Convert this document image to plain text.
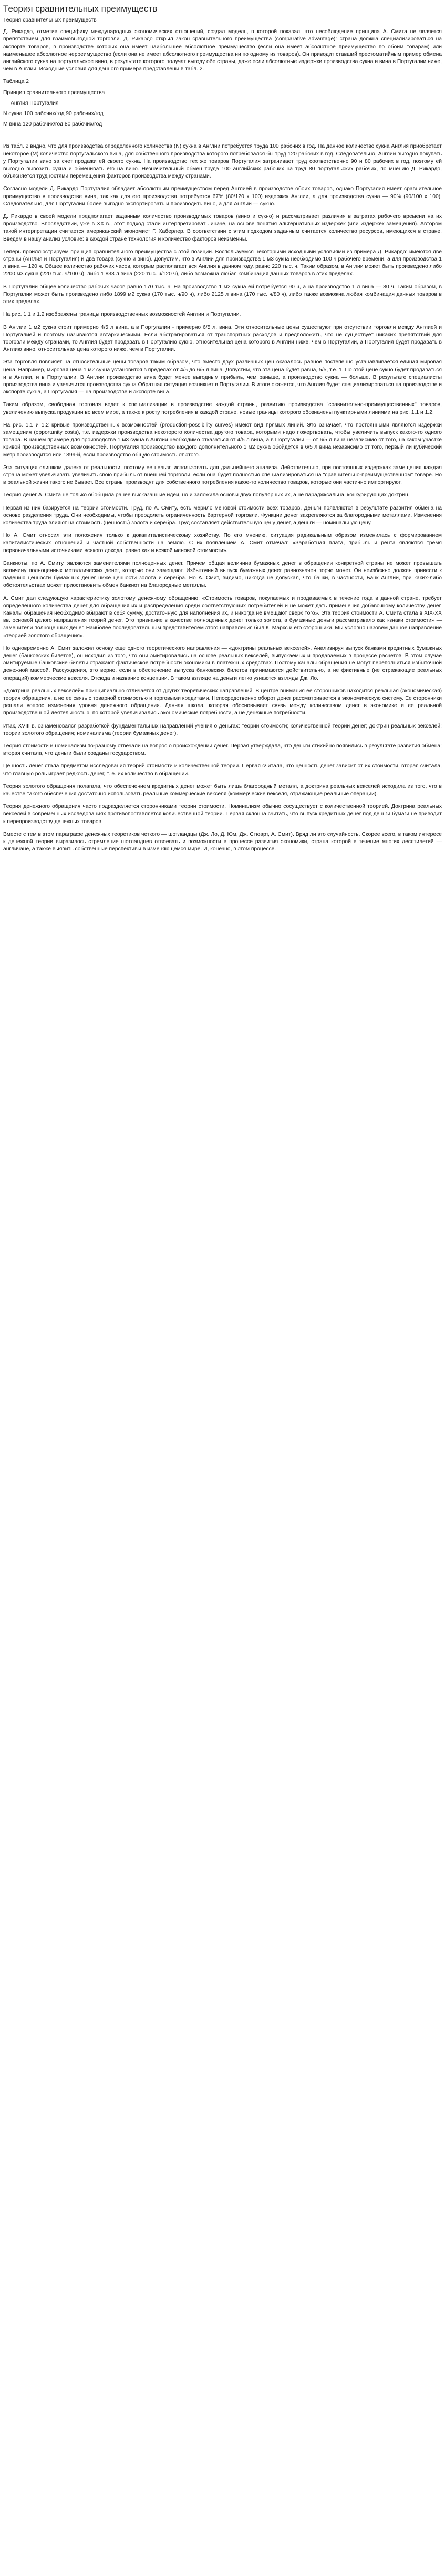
Теория сравнительных преимуществ
Теория сравнительных преимуществ

Д. Рикардо, отметив специфику международных экономических отношений, создал модель, в которой показал, что несоблюдение принципа А. Смита не является препятствием для взаимовыгодной торговли. Д. Рикардо открыл закон сравнительного преимущества (comparative advantage): страна должна специализироваться на экспорте товаров, в производстве которых она имеет наибольшее абсолютное преимущество (если она имеет абсолютное преимущество по обоим товарам) или наименьшее абсолютное неpреимущество (если она не имеет абсолютного преимущества ни по одному из товаров). Он приводит ставший хрестоматийным пример обмена английского сукна на португальское вино, в результате которого получат выгоду обе страны, даже если абсолютные издержки производства сукна и вина в Португалии ниже, чем в Англии. Исходные условия для данного примера представлены в табл. 2.

Таблица 2

Принцип сравнительного преимущества

Англия Португалия

N сукна 100 рабочих/год 90 рабочих/год

М вина 120 рабочих/год 80 рабочих/год

Из табл. 2 видно, что для производства определенного количества (N) сукна в Англии потребуется труда 100 рабочих в год. На данное количество сукна Англия приобретает некоторое (М) количество португальского вина, для собственного производства которого потребовался бы труд 120 рабочих в год. Следовательно, Англии выгодно покупать у Португалии вино за счет продажи ей своего сукна. На производство тех же товаров Португалия затрачивает труд соответственно 90 и 80 рабочих в год, поэтому ей выгодно вывозить сукна и обменивать его на вино. Незначительный обмен труда 100 английских рабочих на труд 80 португальских рабочих, по мнению Д. Рикардо, объясняется трудностями перемещения факторов производства между странами.

Согласно модели Д. Рикардо Португалия обладает абсолютным преимуществом перед Англией в производстве обоих товаров, однако Португалия имеет сравнительное преимущество в производстве вина, так как для его производства потребуется 67% (80/120 х 100) издержек Англии, а для производства сукна — 90% (90/100 х 100). Следовательно, для Португалии более выгодно экспортировать и производить вино, а для Англии — сукно.

Д. Рикардо в своей модели предполагает заданным количество производимых товаров (вино и сукно) и рассматривает различия в затратах рабочего времени на их производство. Впоследствии, уже в XX в., этот подход стали интерпретировать иначе, на основе понятия альтернативных издержек (или издержек замещения). Автором такой интерпретации считается американский экономист Г. Хаберлер. В соответствии с этим подходом заданным считается количество ресурсов, имеющихся в стране. Введем в нашу анализ условие: в каждой стране технология и количество факторов неизменны.

Теперь проиллюстрируем принцип сравнительного преимущества с этой позиции. Воспользуемся некоторыми исходными условиями из примера Д. Рикардо: имеются две страны (Англия и Португалия) и два товара (сукно и вино). Допустим, что в Англии для производства 1 м3 сукна необходимо 100 ч рабочего времени, а для производства 1 л вина — 120 ч. Общее количество рабочих часов, которым располагает вся Англия в данном году, равно 220 тыс. ч. Таким образом, в Англии может быть произведено либо 2200 м3 сукна (220 тыс. ч/100 ч), либо 1 833 л вина (220 тыс. ч/120 ч), либо возможна любая комбинация данных товаров в этих пределах.

В Португалии общее количество рабочих часов равно 170 тыс. ч. На производство 1 м2 сукна ей потребуется 90 ч, а на производство 1 л вина — 80 ч. Таким образом, в Португалии может быть произведено либо 1899 м2 сукна (170 тыс. ч/90 ч), либо 2125 л вина (170 тыс. ч/80 ч), либо также возможна любая комбинация данных товаров в этих пределах.

На рис. 1.1 и 1.2 изображены границы производственных возможностей Англии и Португалии.

В Англии 1 м2 сукна стоит примерно 4/5 л вина, а в Португалии - примерно 6/5 л. вина. Эти относительные цены существуют при отсутствии торговли между Англией и Португалией и поэтому называются автаркическими. Если абстрагироваться от транспортных расходов и предположить, что не существует никаких препятствий для торговли между странами, то Англия будет продавать в Португалию сукно, относительная цена которого в Англии ниже, чем в Португалии, а Португалия будет продавать в Англию вино, относительная цена которого ниже, чем в Португалии.

Эта торговля повлияет на относительные цены товаров таким образом, что вместо двух различных цен оказалось равное постепенно устанавливается единая мировая цена. Например, мировая цена 1 м2 сукна установится в пределах от 4/5 до 6/5 л вина. Допустим, что эта цена будет равна, 5/5, т.е. 1. По этой цене сукно будет продаваться и в Англии, и в Португалии. В Англии производство вина будет менее выгодным прибыль, чем раньше, а производство сукна — больше. В результате специалисты производства вина и увеличится производства сукна Обратная ситуация возникнет в Португалии. В итоге окажется, что Англия будет специализироваться на производстве и экспорте сукна, а Португалия — на производстве и экспорте вина.

Таким образом, свободная торговля ведет к специализации в производстве каждой страны, развитию производства "сравнительно-преимущественных" товаров, увеличению выпуска продукции во всем мире, а также к росту потребления в каждой стране, новые границы которого обозначены пунктирными линиями на рис. 1.1 и 1.2.

На рис. 1.1 и 1.2 кривые производственных возможностей (production-possibility curves) имеют вид прямых линий. Это означает, что постоянными являются издержки замещения (opportunity costs), т.е. издержки производства некоторого количества другого товара, которыми надо пожертвовать, чтобы увеличить выпуск какого-то одного товара. В нашем примере для производства 1 м3 сукна в Англии необходимо отказаться от 4/5 л вина, а в Португалии — от 6/5 л вина независимо от того, на каком участке кривой производственных возможностей. Португалия производство каждого дополнительного 1 м2 сукна обойдется в 6/5 л вина независимо от того, первый ли кубический метр производится или 1899-й, если производство общую стоимость от этого.

Эта ситуация слишком далека от реальности, поэтому ее нельзя использовать для дальнейшего анализа. Действительно, при постоянных издержках замещения каждая страна может увеличивать увеличить свою прибыль от внешней торговли, если она будет полностью специализироваться на "сравнительно-преимущественном" товаре. Но в реальной жизни такого не бывает. Все страны производят для собственного потребления какое-то количество товаров, которые они частично импортируют.

Теория денег А. Смита не только обобщила ранее высказанные идеи, но и заложила основы двух популярных их, а не параджксальна, конкурирующих доктрин.

Первая из них базируется на теории стоимости. Труд, по А. Смиту, есть мерило меновой стоимости всех товаров. Деньги появляются в результате развития обмена на основе разделения труда. Они необходимы, чтобы преодолеть ограниченность бартерной торговли. Функции денег закрепляются за благородными металлами. Изменения количества труда влияют на стоимость (ценность) золота и серебра. Труд составляет действительную цену денег, а деньги — номинальную цену.

Но А. Смит относил эти положения только к докапиталистическому хозяйству. По его мнению, ситуация радикальным образом изменилась с формированием капиталистических отношений и частной собственности на землю. С их появлением А. Смит отмечал: «Заработная плата, прибыль и рента являются тремя первоначальными источниками всякого дохода, равно как и всякой меновой стоимости».

Банкноты, по А. Смиту, являются заменителями полноценных денег. Причем общая величина бумажных денег в обращении конкретной страны не может превышать величину полноценных металлических денег, которые они замещают. Избыточный выпуск бумажных денег равнозначен порче монет. Он неизбежно должен привести к падению ценности бумажных денег ниже ценности золота и серебра. Но А. Смит, видимо, никогда не допускал, что банки, в частности, Банк Англии, при каких-либо обстоятельствах может приостановить обмен банкнот на благородные металлы.

А. Смит дал следующую характеристику золотому денежному обращению: «Стоимость товаров, покупаемых и продаваемых в течение года в данной стране, требует определенного количества денег для обращения их и распределения среди соответствующих потребителей и не может дать применения добавочному количеству денег. Каналы обращения необходимо вбирают в себя сумму, достаточную для наполнения их, и никогда не вмещают сверх того». Эта теория стоимости А. Смита стала в XIX-XX вв. основой целого направления теорий денег. Это признание в качестве полноценных денег только золота, а бумажные деньги рассматривало как «знаки стоимости» — заменители полноценных денег. Наиболее последовательным представителем этого направления был К. Маркс и его сторонники. Мы условно назовем данное направление «теорией золотого обращения».

Но одновременно А. Смит заложил основу еще одного теоретического направления — «доктрины реальных векселей». Анализируя выпуск банками кредитных бумажных денег (банковских билетов), он исходил из того, что они эмитировались на основе реальных векселей, выпускаемых и продаваемых в процессе расчетов. В этом случае эмитируемые банковские билеты отражают фактическое потребности экономики в платежных средствах. Поэтому каналы обращения не могут переполниться избыточной денежной массой. Рассуждения, это верно, если в обеспечение выпуска банковских билетов принимаются действительно, а не фиктивные (не отражающие реальных операций) коммерческие векселя. Отсюда и название концепции. В таком взгляде на деньги легко узнаются взгляды Дж. Ло.

«Доктрина реальных векселей» принципиально отличается от других теоретических направлений. В центре внимания ее сторонников находится реальная (экономическая) теория обращения, а не ее связь с товарной стоимостью и торговыми кредитами. Непосредственно оборот денег рассматривается в экономическую систему. Ее сторонники решали вопрос изменения уровня денежного обращения. Данная школа, которая обосновывает связь между количеством денег в экономике и ее реальной производственной деятельностью, по которой увеличивались экономические потребности, а не денежные потребности.

Итак, XVIII в. ознаменовался разработкой фундаментальных направлений учения о деньгах: теории стоимости; количественной теории денег; доктрин реальных векселей; теории золотого обращения; номинализма (теории бумажных денег).

Теория стоимости и номинализм по-разному отвечали на вопрос о происхождении денег. Первая утверждала, что деньги стихийно появились в результате развития обмена; вторая считала, что деньги были созданы государством.

Ценность денег стала предметом исследования теорий стоимости и количественной теории. Первая считала, что ценность денег зависит от их стоимости, вторая считала, что главную роль играет редкость денег, т. е. их количество в обращении.

Теория золотого обращения полагала, что обеспечением кредитных денег может быть лишь благородный металл, а доктрина реальных векселей исходила из того, что в качестве такого обеспечения достаточно использовать реальные коммерческие векселя (коммерческие векселя, отражающие реальные операции).

Теория денежного обращения часто подразделяется сторонниками теории стоимости. Номинализм обычно сосуществует с количественной теорией. Доктрина реальных векселей в современных исследованиях противопоставляется количественной теории. Первая склонна считать, что выпуск кредитных денег под деньги бумаги не приводит к перепроизводству денежных товаров.

Вместе с тем в этом параграфе денежных теоретиков четкого — шотландцы (Дж. Ло, Д. Юм, Дж. Стюарт, А. Смит). Вряд ли это случайность. Скорее всего, в таком интересе к денежной теории выразилось стремление шотландцев отвоевать и возможности в процессе развития экономики, страна которой в течение многих десятилетий — англичане, а также выявить собственные перспективы в изменяющемся мире. И, конечно, в этом процессе.
